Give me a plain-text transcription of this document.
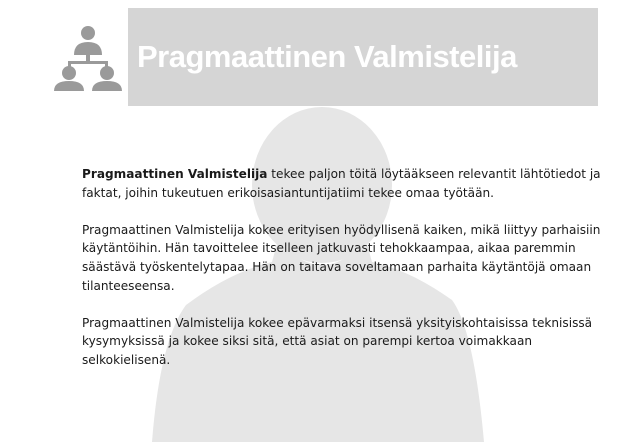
Pragmaattinen Valmistelija

Pragmaattinen Valmistelija tekee paljon töitä löytääkseen relevantit lähtötiedot ja faktat, joihin tukeutuen erikoisasiantuntijatiimi tekee omaa työtään.

Pragmaattinen Valmistelija kokee erityisen hyödyllisenä kaiken, mikä liittyy parhaisiin käytäntöihin. Hän tavoittelee itselleen jatkuvasti tehokkaampaa, aikaa paremmin säästävä työskentelytapaa. Hän on taitava soveltamaan parhaita käytäntöjä omaan tilanteeseensa.

Pragmaattinen Valmistelija kokee epävarmaksi itsensä yksityiskohtaisissa teknisissä kysymyksissä ja kokee siksi sitä, että asiat on parempi kertoa voimakkaan selkokielisenä.
